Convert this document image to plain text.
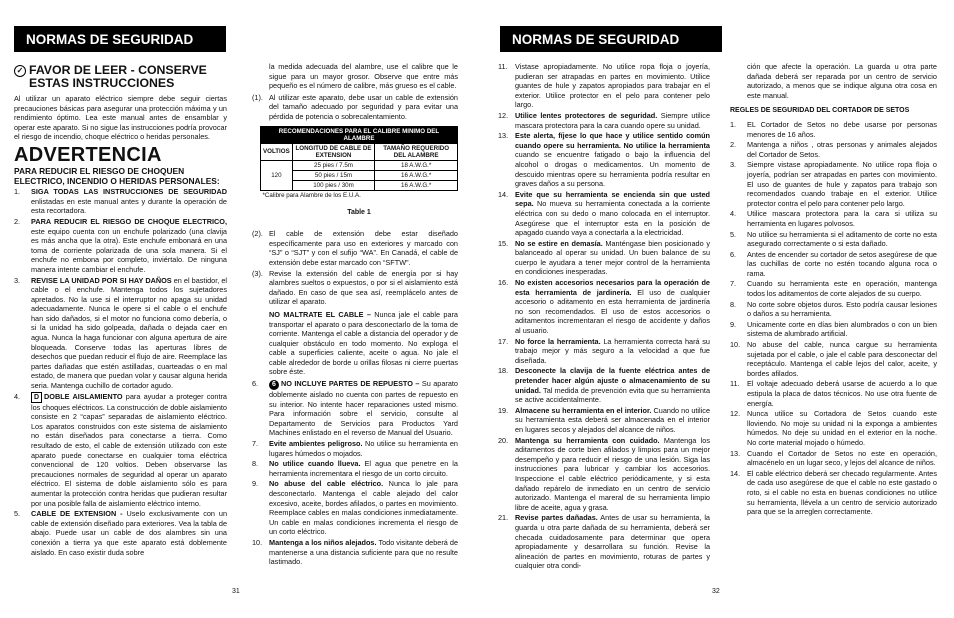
NORMAS DE SEGURIDAD
✓ FAVOR DE LEER - CONSERVE ESTAS INSTRUCCIONES

Al utilizar un aparato eléctrico siempre debe seguir ciertas precauciones básicas para asegurar una protección máxima y un rendimiento óptimo. Lea este manual antes de ensamblar y operar este aparato. Si no sigue las instrucciones podría provocar el riesgo de incendio, choque eléctrico o heridas personales.

ADVERTENCIA
PARA REDUCIR EL RIESGO DE CHOQUEN ELECTRICO, INCENDIO O HERIDAS PERSONALES:
1.	SIGA TODAS LAS INSTRUCCIONES DE SEGURIDAD enlistadas en este manual antes y durante la operación de esta recortadora.
2.	PARA REDUCIR EL RIESGO DE CHOQUE ELECTRICO, este equipo cuenta con un enchufe polarizado (una clavija es más ancha que la otra). Este enchufe embonará en una toma de corriente polarizada de una sola manera. Si el enchufe no embona por completo, inviértalo. De ninguna manera intente cambiar el enchufe.
3.	REVISE LA UNIDAD POR SI HAY DAÑOS en el bastidor, el cable o el enchufe. Mantenga todos los sujetadores apretados. No la use si el interruptor no apaga su unidad adecuadamente. Nunca le opere si el cable o el enchufe han sido dañados, si el motor no funciona como debería, o si la unidad ha sido golpeada, dañada o dejada caer en agua. Nunca la haga funcionar con alguna apertura de aire bloqueada. Conserve todas las aperturas libres de desechos que puedan reducir el flujo de aire. Reemplace las partes dañadas que estén astilladas, cuarteadas o en mal estado, de manera que puedan volar y causar alguna herida seria. Mantenga cuchillo de cortador agudo.
4.	D DOBLE AISLAMIENTO para ayudar a proteger contra los choques eléctricos. La construcción de doble aislamiento consiste en 2 “capas” separadas de aislamiento eléctrico. Los aparatos construidos con este sistema de aislamiento no están diseñados para conectarse a tierra. Como resultado de esto, el cable de extensión utilizado con este aparato puede conectarse en cualquier toma eléctrica convencional de 120 voltios. Deben observarse las precauciones normales de seguridad al operar un aparato eléctrico. El sistema de doble aislamiento sólo es para aumentar la protección contra heridas que pudieran resultar por una posible falla de aislamiento eléctrico interno.
5.	CABLE DE EXTENSION - Uselo exclusivamente con un cable de extensión diseñado para exteriores. Vea la tabla de abajo. Puede usar un cable de dos alambres sin una conexión a tierra ya que este aparato está doblemente aislado. En caso existir duda sobre

la medida adecuada del alambre, use el calibre que le sigue para un mayor grosor. Observe que entre más pequeño es el número de calibre, más grueso es el cable.

(1). Al utilizar este aparato, debe usar un cable de extensión del tamaño adecuado por seguridad y para evitar una pérdida de potencia o sobrecalentamiento.
RECOMENDACIONES PARA EL CALIBRE MINIMO DEL ALAMBRE		
VOLTIOS	LONGITUD DE CABLE DE EXTENSION	TAMAÑO REQUERIDO DEL ALAMBRE
120	25 pies / 7.5m	18 A.W.G.*
	50 pies / 15m	16 A.W.G.*
	100 pies / 30m	16 A.W.G.*
*Calibre para Alambre de los E.U.A.		
Table 1

(2). El cable de extensión debe estar diseñado específicamente para uso en exteriores y marcado con “SJ” o “SJT” y con el sufijo “WA”. En Canadá, el cable de extensión debe estar marcado con “SFTW”.
(3). Revise la extensión del cable de energía por si hay alambres sueltos o expuestos, o por si el aislamiento está dañado. En caso de que sea así, reemplácelo antes de utilizar el aparato.

NO MALTRATE EL CABLE – Nunca jale el cable para transportar el aparato o para desconectarlo de la toma de corriente. Mantenga el cable a distancia del operador y de cualquier obstáculo en todo momento. No exploga el cable a superficies caliente, aceite o agua. No jale el cable alrededor de borde u orillas filosas ni cierre puertas sobre éste.

6.	6 NO INCLUYE PARTES DE REPUESTO – Su aparato doblemente aislado no cuenta con partes de repuesto en su interior. No intente hacer reparaciones usted mismo. Para información sobre el servicio, consulte al Departamento de Servicios para Productos Yard Machines enlistado en el reverso de Manual del Usuario.
7.	Evite ambientes peligroso. No utilice su herramienta en lugares húmedos o mojados.
8.	No utilice cuando llueva. El agua que penetre en la herramienta incrementara el riesgo de un corto circuito.
9.	No abuse del cable eléctrico. Nunca lo jale para desconectarlo. Mantenga el cable alejado del calor excesivo, aceite, bordes afilados, o partes en movimiento. Reemplace cables en malas condiciones inmediatamente. Un cable en malas condiciones incrementa el riesgo de un corto eléctrico.
10. Mantenga a los niños alejados. Todo visitante deberá de mantenerse a una distancia suficiente para que no resulte lastimado.
31
NORMAS DE SEGURIDAD
11.	Vistase apropiadamente. No utilice ropa floja o joyería, pudieran ser atrapadas en partes en movimiento. Utilice guantes de hule y zapatos apropiados para trabajar en el exterior. Utilice protector en el pelo para contener pelo largo.
12. Utilice lentes protectores de seguridad. Siempre utilice mascara protectora para la cara cuando opere su unidad.
13. Este alerta, fíjese lo que hace y utilice sentido común cuando opere su herramienta. No utilice la herramienta cuando se encuentre fatigado o bajo la influencia del alcohol o drogas o medicamentos. Un momento de descuido mientras opere su herramienta podría resultar en graves daños a su persona.
14. Evite que su herramienta se encienda sin que usted sepa. No mueva su herramienta conectada a la corriente eléctrica con su dedo o mano colocada en el interruptor. Asegúrese que el interruptor esta en la posición de apagado cuando vaya a conectarla a la electricidad.
15. No se estire en demasía. Manténgase bien posicionado y balanceado al operar su unidad. Un buen balance de su cuerpo le ayudara a tener mejor control de la herramienta en condiciones inesperadas.
16. No existen accesorios necesarios para la operación de esta herramienta de jardinería. El uso de cualquier accesorio o aditamento en esta herramienta de jardinería no son recomendados. El uso de estos accesorios o aditamentos incrementaran el riesgo de accidente y daños al usuario.
17. No force la herramienta. La herramienta correcta hará su trabajo mejor y más seguro a la velocidad a que fue diseñada.
18. Desconecte la clavija de la fuente eléctrica antes de pretender hacer algún ajuste o almacenamiento de su unidad. Tal medida de prevención evita que su herramienta se active accidentalmente.
19. Almacene su herramienta en el interior. Cuando no utilice su herramienta esta deberá ser almacenada en el interior en lugares secos y alejados del alcance de niños.
20. Mantenga su herramienta con cuidado. Mantenga los aditamentos de corte bien afilados y limpios para un mejor desempeño y para reducir el riesgo de una lesión. Siga las instrucciones para lubricar y cambiar los accesorios. Inspeccione el cable eléctrico periódicamente, y si esta dañado repárelo de inmediato en un centro de servicio autorizado. Mantenga el mareral de su herramienta limpio libre de aceite, agua y grasa.
21. Revise partes dañadas. Antes de usar su herramienta, la guarda u otra parte dañada de su herramienta, deberá ser checada cuidadosamente para determinar que opera apropiadamente y desarrollara su función. Revise la alineación de partes en movimiento, roturas de partes y cualquier otra condi-

ción que afecte la operación. La guarda u otra parte dañada deberá ser reparada por un centro de servicio autorizado, a menos que se indique alguna otra cosa en este manual.

REGLES DE SEGURIDAD DEL CORTADOR DE SETOS
1.	EL Cortador de Setos no debe usarse por personas menores de 16 años.
2.	Mantenga a niños , otras personas y animales alejados del Cortador de Setos.
3.	Siempre vistase apropiadamente. No utilice ropa floja o joyería, podrían ser atrapadas en partes con movimiento. El uso de guantes de hule y zapatos para trabajo son recomendados cuando trabaje en el exterior. Utilice protector contra el pelo para contener pelo largo.
4.	Utilice mascara protectora para la cara si utiliza su herramienta en lugares polvosos.
5.	No utilice su herramienta si el aditamento de corte no esta asegurado correctamente o si esta dañado.
6.	Antes de encender su cortador de setos asegúrese de que las cuchillas de corte no estén tocando alguna roca o rama.
7.	Cuando su herramienta este en operación, mantenga todos los aditamentos de corte alejados de su cuerpo.
8.	No corte sobre objetos duros. Esto podría causar lesiones o daños a su herramienta.
9.	Unicamente corte en días bien alumbrados o con un bien sistema de alumbrado artificial.
10. No abuse del cable, nunca cargue su herramienta sujetada por el cable, o jale el cable para desconectar del receptáculo. Mantenga el cable lejos del calor, aceite, y bordes afilados.
11.	El voltaje adecuado deberá usarse de acuerdo a lo que estipula la placa de datos técnicos. No use otra fuente de energía.
12. Nunca utilice su Cortadora de Setos cuando este lloviendo. No moje su unidad ni la exponga a ambientes húmedos. No deje su unidad en el exterior en la noche. No corte material mojado o húmedo.
13. Cuando el Cortador de Setos no este en operación, almacénelo en un lugar seco, y lejos del alcance de niños.
14. El cable eléctrico deberá ser checado regularmente. Antes de cada uso asegúrese de que el cable no este gastado o roto, si el cable no esta en buenas condiciones no utilice su herramienta, llévela a un centro de servicio autorizado para que se la arreglen correctamente.
32
